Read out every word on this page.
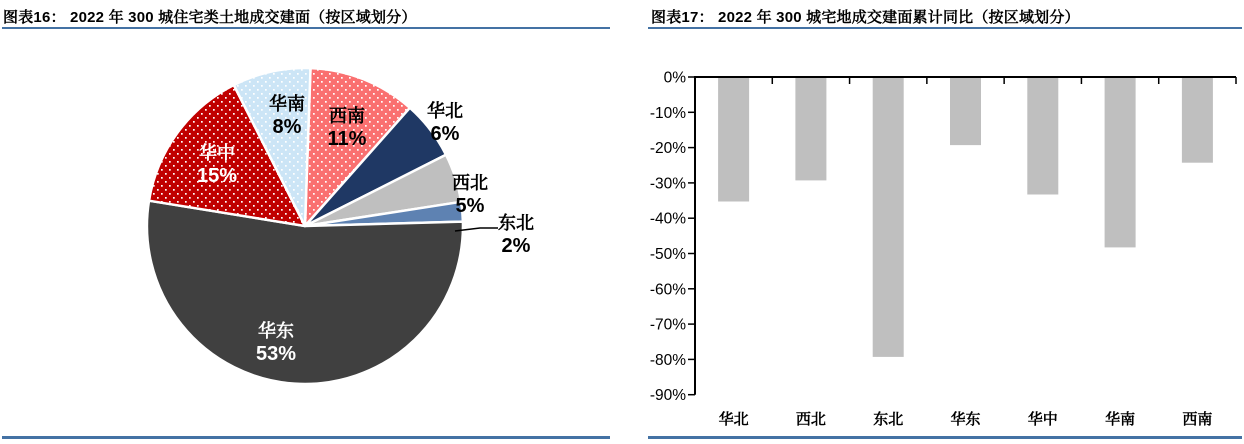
图表16： 2022 年 300 城住宅类土地成交建面（按区域划分）
西南
11%
华北
6%
西北
5%
东北
2%
华东
53%
华中
15%
华南
8%
图表17： 2022 年 300 城宅地成交建面累计同比（按区域划分）
0%
-10%
-20%
-30%
-40%
-50%
-60%
-70%
-80%
-90%
华北	西北	东北	华东	华中	华南	西南
